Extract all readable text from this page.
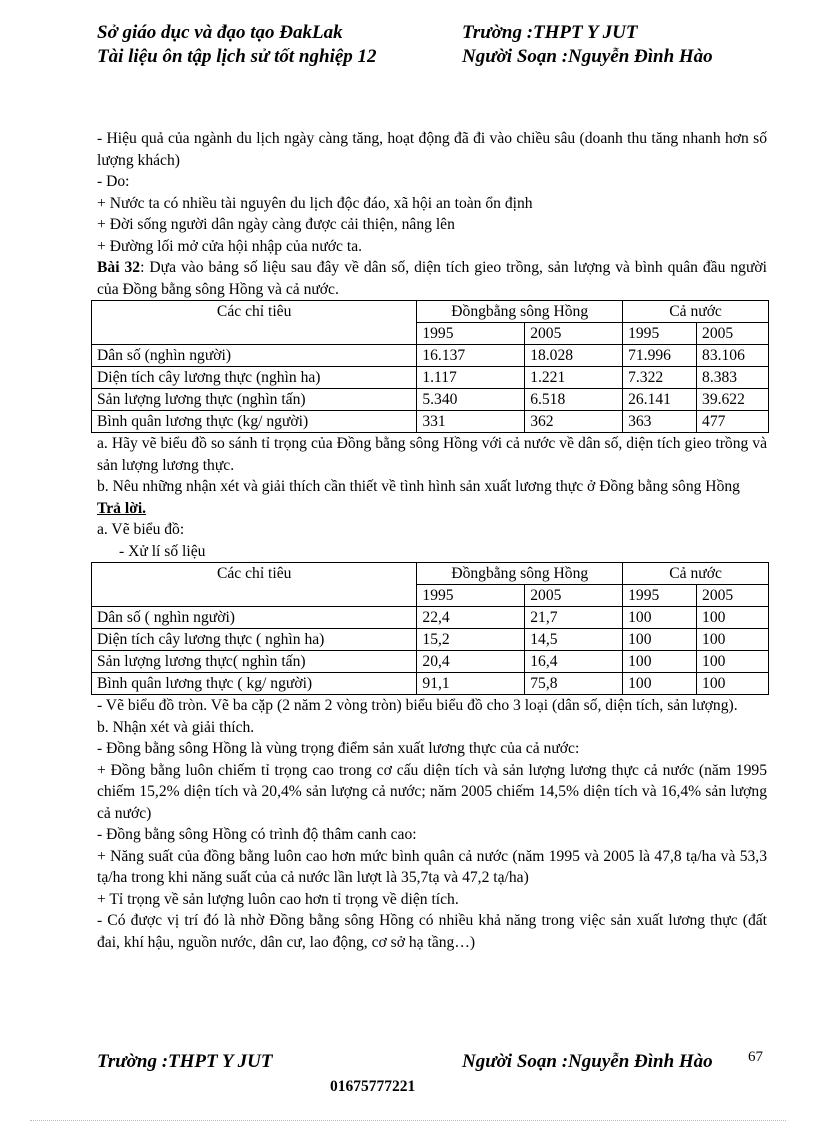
Sở giáo dục và đạo tạo ĐakLak
Tài liệu ôn tập lịch sử tốt nghiệp 12
Trường :THPT Y JUT
Người Soạn :Nguyễn Đình Hào

- Hiệu quả của ngành du lịch ngày càng tăng, hoạt động đã đi vào chiều sâu (doanh thu tăng nhanh hơn số lượng khách)

- Do:

+ Nước ta có nhiều tài nguyên du lịch độc đáo, xã hội an toàn ổn định

+ Đời sống người dân ngày càng được cải thiện, nâng lên

+ Đường lối mở cửa hội nhập của nước ta.

Bài 32: Dựa vào bảng số liệu sau đây về dân số, diện tích gieo trồng, sản lượng và bình quân đầu người của Đồng bằng sông Hồng và cả nước.

Các chỉ tiêu	Đồngbằng sông Hồng		Cả nước	
	1995	2005	1995	2005
Dân số (nghìn người)	16.137	18.028	71.996	83.106
Diện tích cây lương thực (nghìn ha)	1.117	1.221	7.322	8.383
Sản lượng lương thực (nghìn tấn)	5.340	6.518	26.141	39.622
Bình quân lương thực (kg/ người)	331	362	363	477

a. Hãy vẽ biểu đồ so sánh tỉ trọng của Đồng bằng sông Hồng với cả nước về dân số, diện tích gieo trồng và sản lượng lương thực.

b. Nêu những nhận xét và giải thích cần thiết về tình hình sản xuất lương thực ở Đồng bằng sông Hồng

Trả lời.

a. Vẽ biểu đồ:

- Xử lí số liệu

Các chỉ tiêu	Đồngbằng sông Hồng		Cả nước	
	1995	2005	1995	2005
Dân số ( nghìn người)	22,4	21,7	100	100
Diện tích cây lương thực ( nghìn ha)	15,2	14,5	100	100
Sản lượng lương thực( nghìn tấn)	20,4	16,4	100	100
Bình quân lương thực ( kg/ người)	91,1	75,8	100	100

- Vẽ biểu đồ tròn. Vẽ ba cặp (2 năm 2 vòng tròn) biểu biểu đồ cho 3 loại (dân số, diện tích, sản lượng).

b. Nhận xét và giải thích.

- Đồng bằng sông Hồng là vùng trọng điểm sản xuất lương thực của cả nước:

+ Đồng bằng luôn chiếm tỉ trọng cao trong cơ cấu diện tích và sản lượng lương thực cả nước (năm 1995 chiếm 15,2% diện tích và 20,4% sản lượng cả nước; năm 2005 chiếm 14,5% diện tích và 16,4% sản lượng cả nước)

- Đồng bằng sông Hồng có trình độ thâm canh cao:

+ Năng suất của đồng bằng luôn cao hơn mức bình quân cả nước (năm 1995 và 2005 là 47,8 tạ/ha và 53,3 tạ/ha trong khi năng suất của cả nước lần lượt là 35,7tạ và 47,2 tạ/ha)

+ Tỉ trọng về sản lượng luôn cao hơn tỉ trọng về diện tích.

- Có được vị trí đó là nhờ Đồng bằng sông Hồng có nhiều khả năng trong việc sản xuất lương thực (đất đai, khí hậu, nguồn nước, dân cư, lao động, cơ sở hạ tầng…)

Trường :THPT Y JUT	Người Soạn :Nguyễn Đình Hào 67
01675777221
